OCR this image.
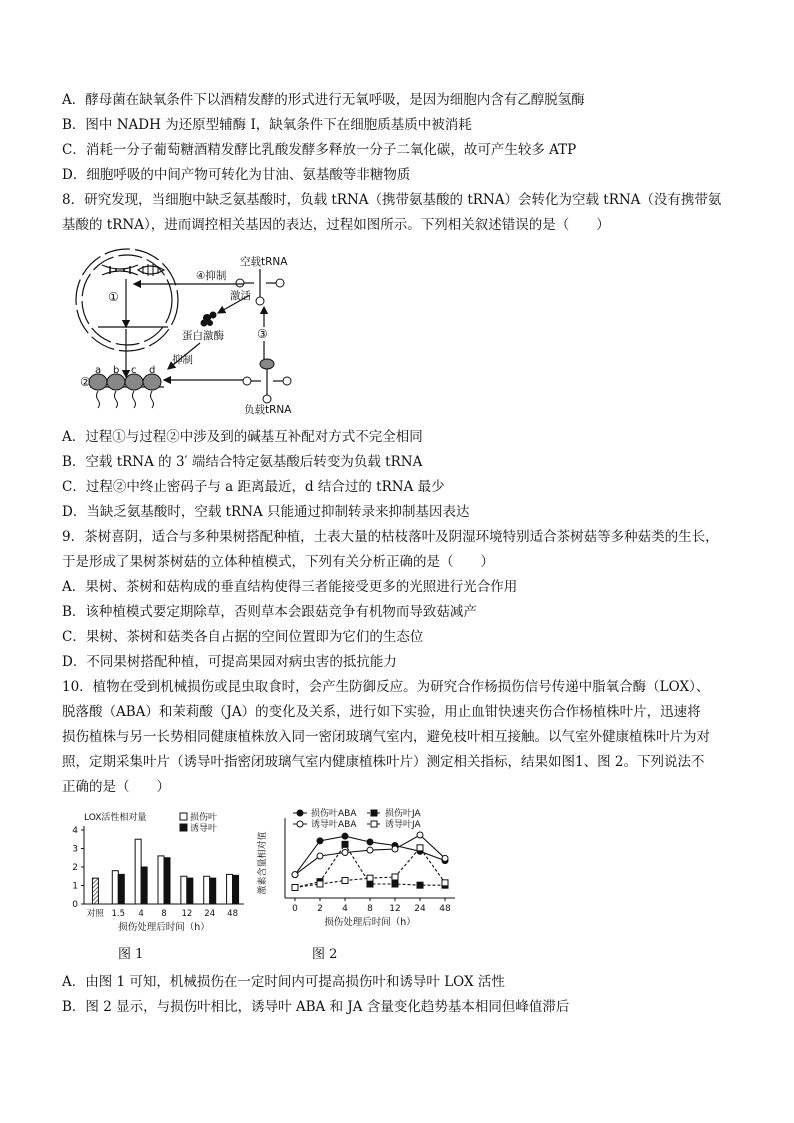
A．酵母菌在缺氧条件下以酒精发酵的形式进行无氧呼吸，是因为细胞内含有乙醇脱氢酶
B．图中 NADH 为还原型辅酶 I，缺氧条件下在细胞质基质中被消耗
C．消耗一分子葡萄糖酒精发酵比乳酸发酵多释放一分子二氧化碳，故可产生较多 ATP
D．细胞呼吸的中间产物可转化为甘油、氨基酸等非糖物质
8．研究发现，当细胞中缺乏氨基酸时，负载 tRNA（携带氨基酸的 tRNA）会转化为空载 tRNA（没有携带氨
基酸的 tRNA），进而调控相关基因的表达，过程如图所示。下列相关叙述错误的是（　　）
①
空载tRNA
④抑制
激活
蛋白激酶	③
负载tRNA
抑制
②
a b c d
A．过程①与过程②中涉及到的碱基互补配对方式不完全相同
B．空载 tRNA 的 3′ 端结合特定氨基酸后转变为负载 tRNA
C．过程②中终止密码子与 a 距离最近，d 结合过的 tRNA 最少
D．当缺乏氨基酸时，空载 tRNA 只能通过抑制转录来抑制基因表达
9．茶树喜阴，适合与多种果树搭配种植，土表大量的枯枝落叶及阴湿环境特别适合茶树菇等多种菇类的生长，
于是形成了果树茶树菇的立体种植模式，下列有关分析正确的是（　　）
A．果树、茶树和菇构成的垂直结构使得三者能接受更多的光照进行光合作用
B．该种植模式要定期除草，否则草本会跟菇竞争有机物而导致菇减产
C．果树、茶树和菇类各自占据的空间位置即为它们的生态位
D．不同果树搭配种植，可提高果园对病虫害的抵抗能力
10．植物在受到机械损伤或昆虫取食时，会产生防御反应。为研究合作杨损伤信号传递中脂氧合酶（LOX）、
脱落酸（ABA）和茉莉酸（JA）的变化及关系，进行如下实验，用止血钳快速夹伤合作杨植株叶片，迅速将
损伤植株与另一长势相同健康植株放入同一密闭玻璃气室内，避免枝叶相互接触。以气室外健康植株叶片为对
照，定期采集叶片（诱导叶指密闭玻璃气室内健康植株叶片）测定相关指标，结果如图1、图 2。下列说法不
正确的是（　　）
0
1
2
3
4
LOX活性相对量	损伤叶
诱导叶
对照 1.5 4 8 12 24 48
损伤处理后时间（h）
激素含量相对值
0 2 4 8 12 24 48
损伤处理后时间（h）
损伤叶ABA
诱导叶ABA
损伤叶JA
诱导叶JA
图 1	图 2
A．由图 1 可知，机械损伤在一定时间内可提高损伤叶和诱导叶 LOX 活性
B．图 2 显示，与损伤叶相比，诱导叶 ABA 和 JA 含量变化趋势基本相同但峰值滞后
